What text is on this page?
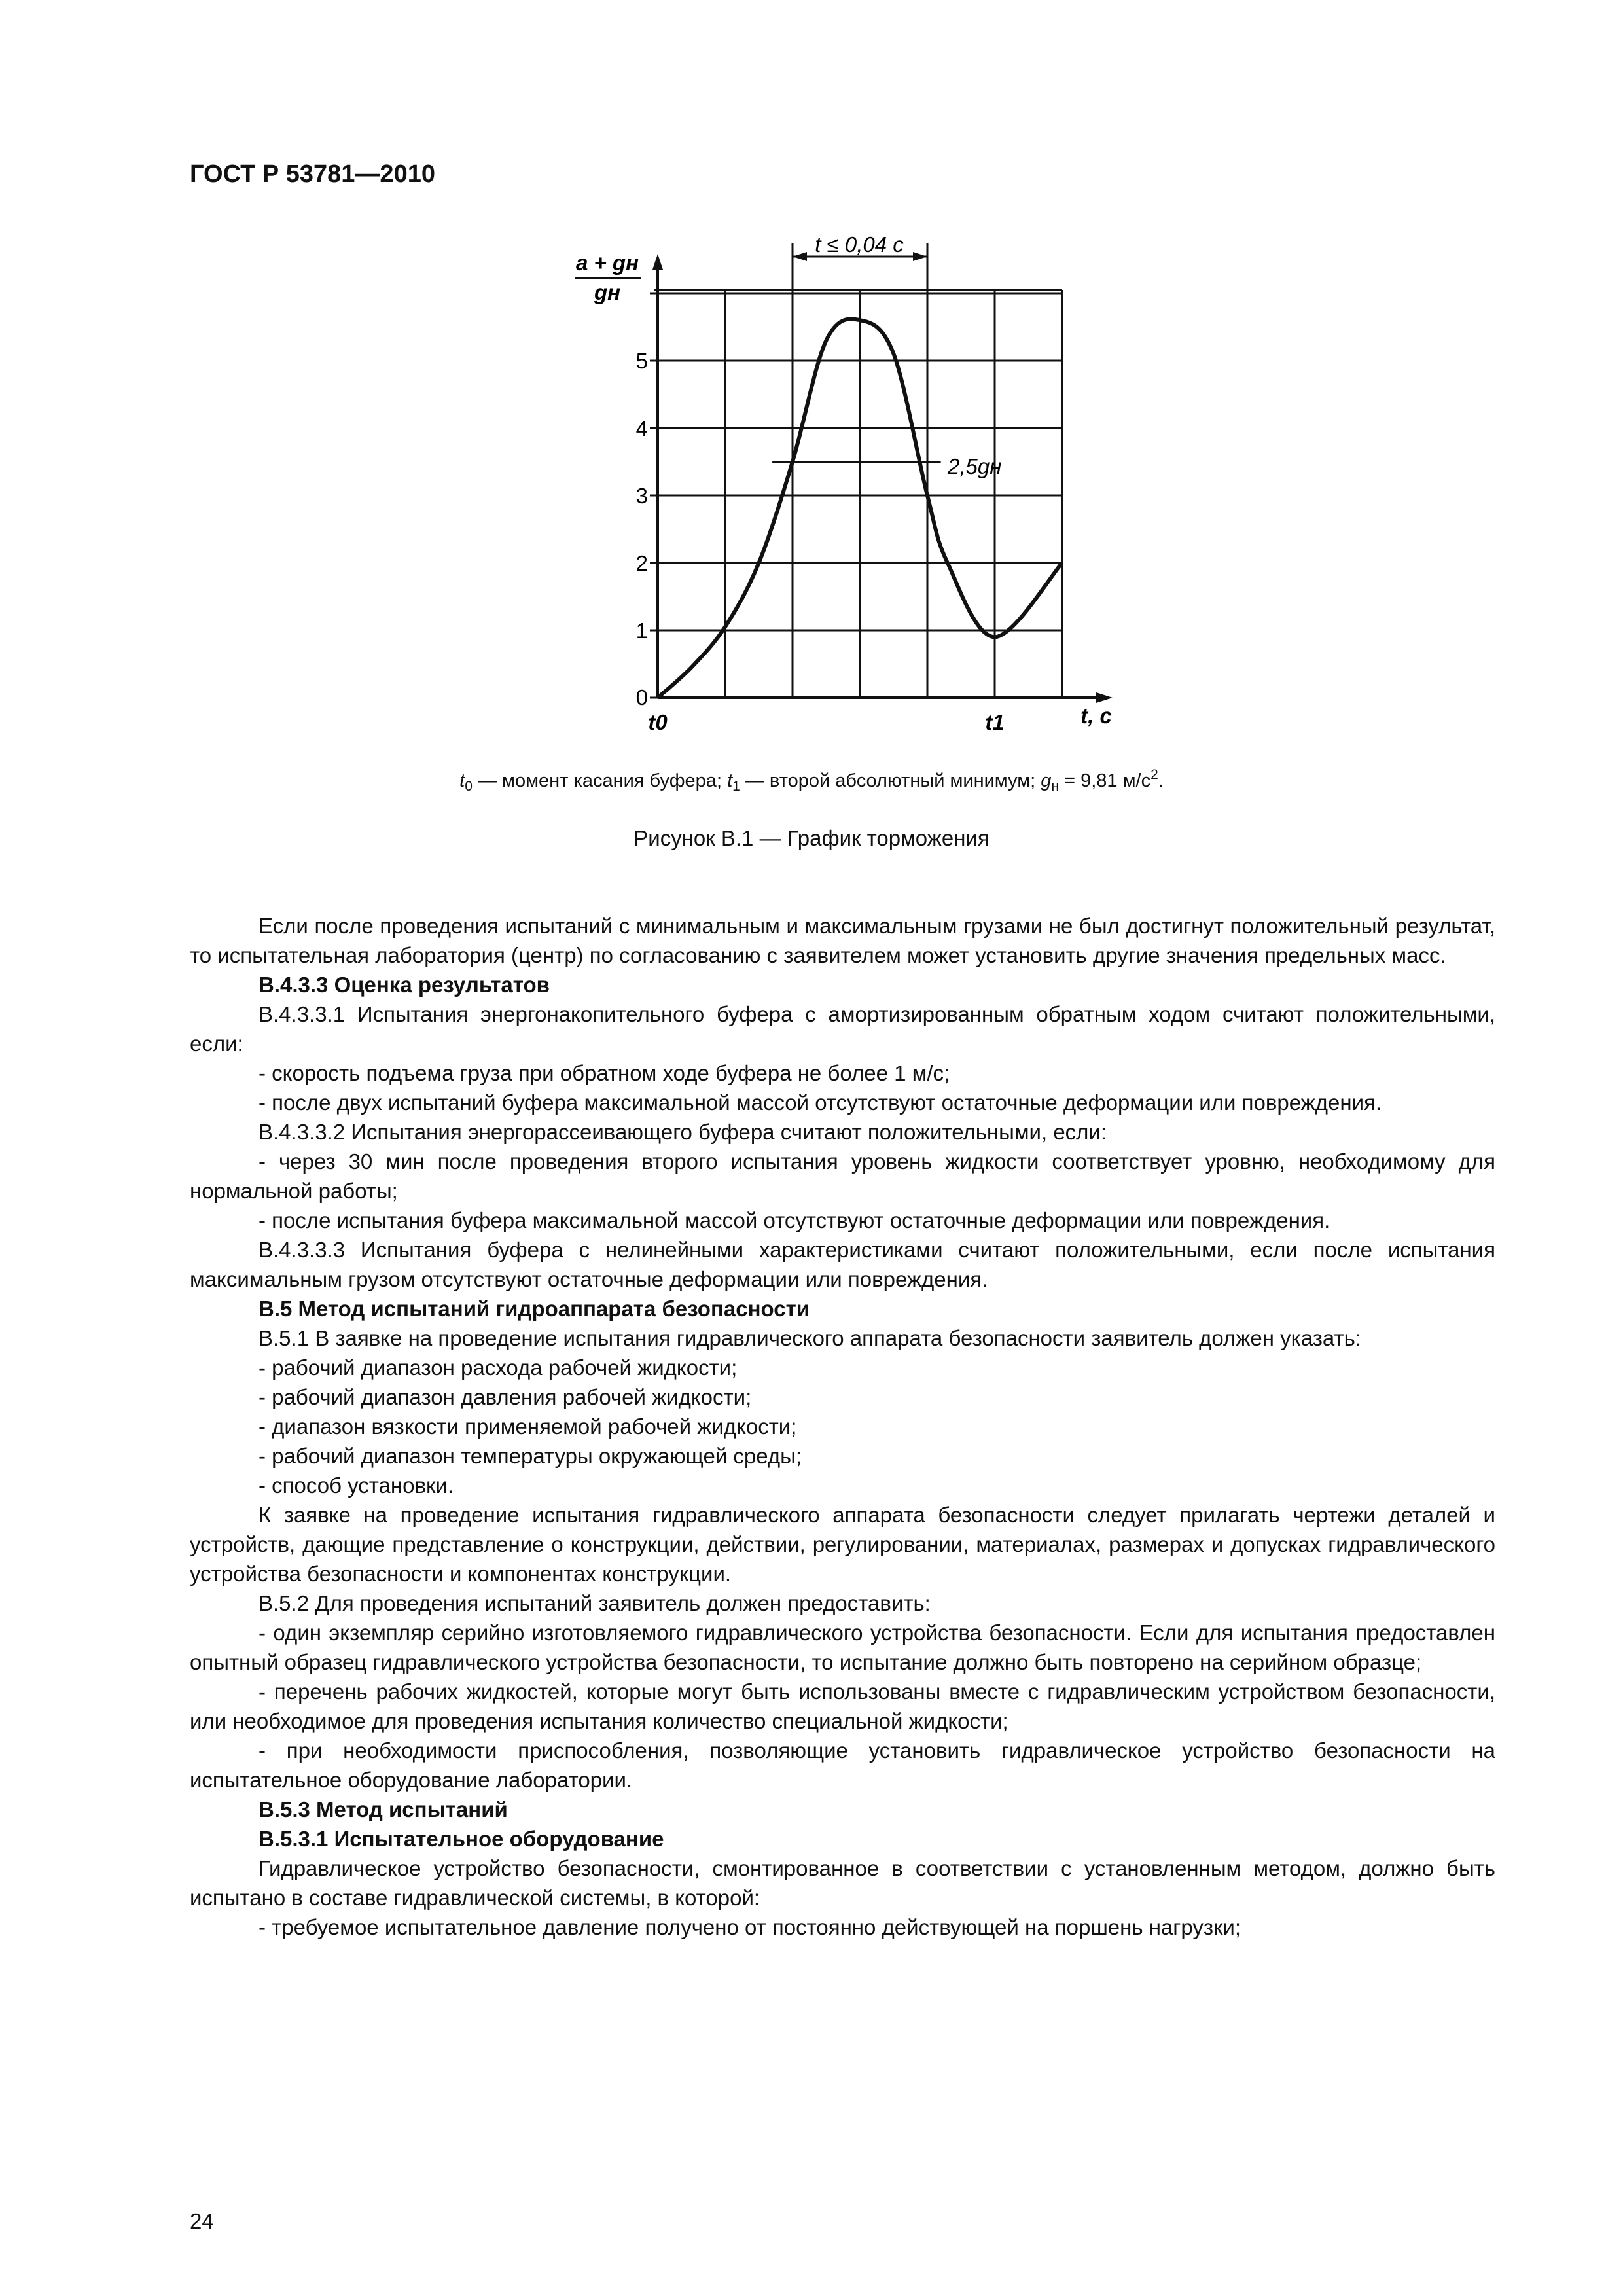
ГОСТ Р 53781—2010
a + gн
gн
0
1
2
3
4
5
t0	t1	t, с
t ≤ 0,04 с
2,5gн
$t_0$ — момент касания буфера; $t_1$ — второй абсолютный минимум; $g_н = 9,81$ $м/с^2$.
Рисунок В.1 — График торможения

Если после проведения испытаний с минимальным и максимальным грузами не был достигнут положительный результат, то испытательная лаборатория (центр) по согласованию с заявителем может установить другие значения предельных масс.

В.4.3.3 Оценка результатов

В.4.3.3.1 Испытания энергонакопительного буфера с амортизированным обратным ходом считают положительными, если:

- скорость подъема груза при обратном ходе буфера не более 1 м/с;

- после двух испытаний буфера максимальной массой отсутствуют остаточные деформации или повреждения.

В.4.3.3.2 Испытания энергорассеивающего буфера считают положительными, если:

- через 30 мин после проведения второго испытания уровень жидкости соответствует уровню, необходимому для нормальной работы;

- после испытания буфера максимальной массой отсутствуют остаточные деформации или повреждения.

В.4.3.3.3 Испытания буфера с нелинейными характеристиками считают положительными, если после испытания максимальным грузом отсутствуют остаточные деформации или повреждения.

В.5 Метод испытаний гидроаппарата безопасности

В.5.1 В заявке на проведение испытания гидравлического аппарата безопасности заявитель должен указать:

- рабочий диапазон расхода рабочей жидкости;

- рабочий диапазон давления рабочей жидкости;

- диапазон вязкости применяемой рабочей жидкости;

- рабочий диапазон температуры окружающей среды;

- способ установки.

К заявке на проведение испытания гидравлического аппарата безопасности следует прилагать чертежи деталей и устройств, дающие представление о конструкции, действии, регулировании, материалах, размерах и допусках гидравлического устройства безопасности и компонентах конструкции.

В.5.2 Для проведения испытаний заявитель должен предоставить:

- один экземпляр серийно изготовляемого гидравлического устройства безопасности. Если для испытания предоставлен опытный образец гидравлического устройства безопасности, то испытание должно быть повторено на серийном образце;

- перечень рабочих жидкостей, которые могут быть использованы вместе с гидравлическим устройством безопасности, или необходимое для проведения испытания количество специальной жидкости;

- при необходимости приспособления, позволяющие установить гидравлическое устройство безопасности на испытательное оборудование лаборатории.

В.5.3 Метод испытаний

В.5.3.1 Испытательное оборудование

Гидравлическое устройство безопасности, смонтированное в соответствии с установленным методом, должно быть испытано в составе гидравлической системы, в которой:

- требуемое испытательное давление получено от постоянно действующей на поршень нагрузки;

24
